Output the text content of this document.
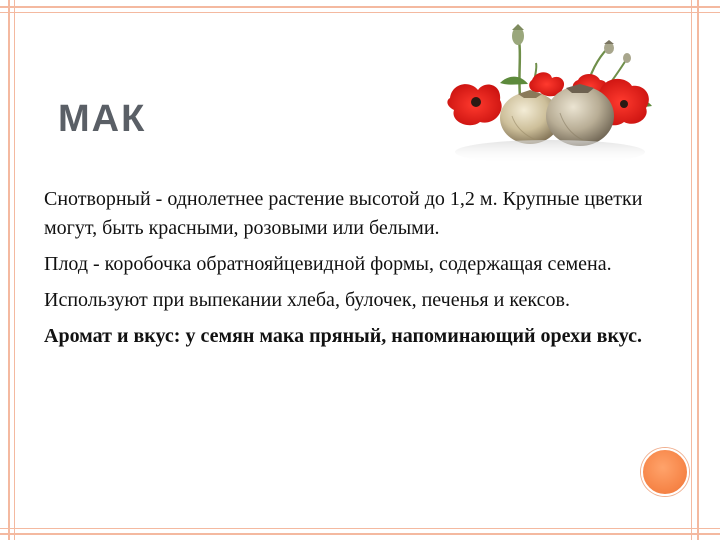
МАК

Снотворный - однолетнее растение высотой до 1,2 м. Крупные цветки могут, быть красными, розовыми или белыми.

Плод - коробочка обратнояйцевидной формы, содержащая семена.

Используют при выпекании хлеба, булочек, печенья и кексов.

Аромат и вкус: у семян мака пряный, напоминающий орехи вкус.
